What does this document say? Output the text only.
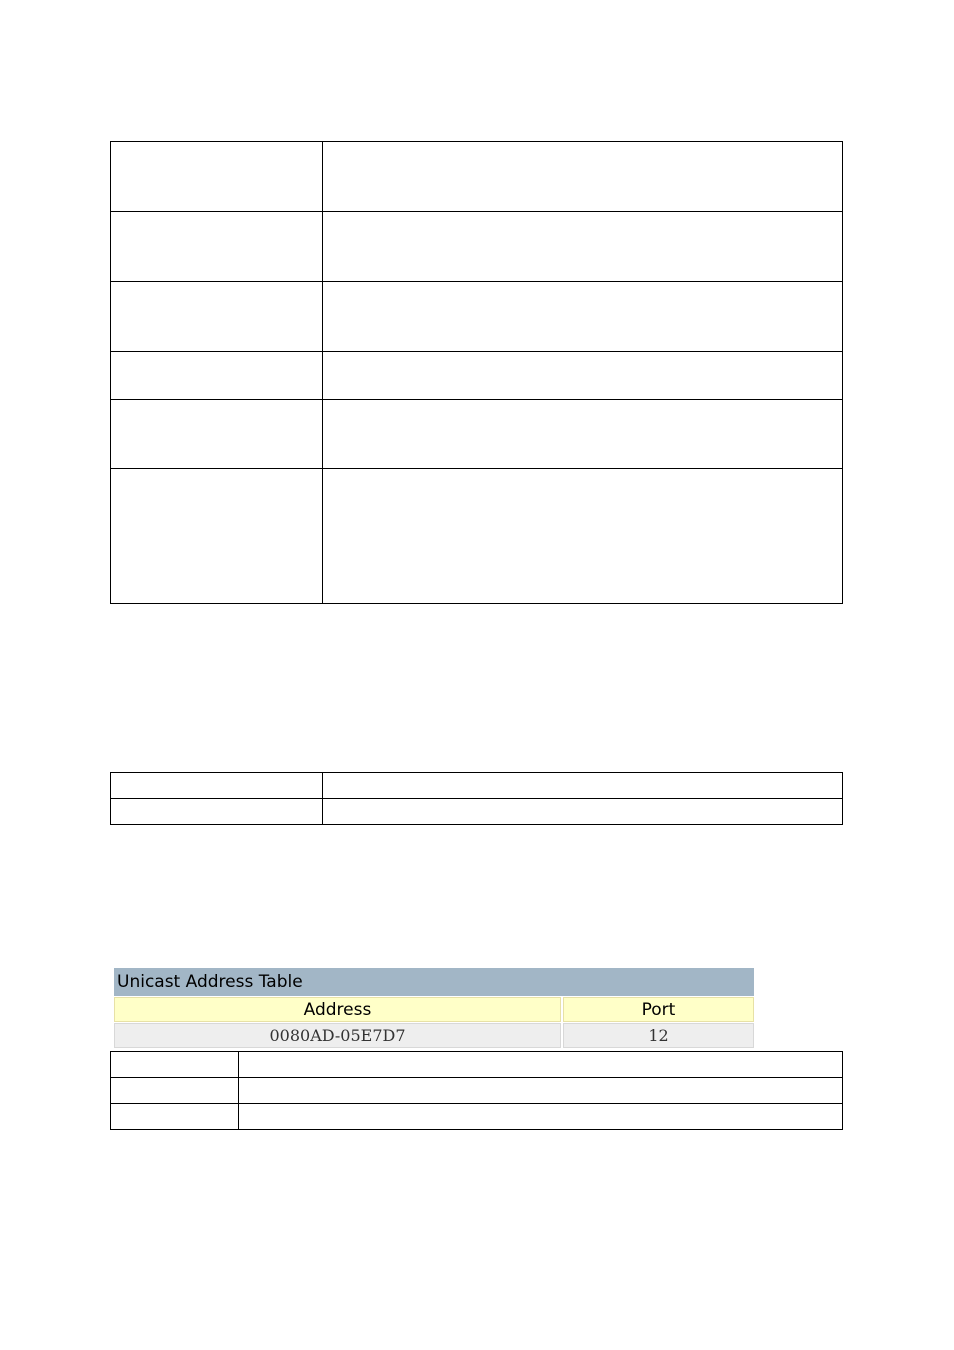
Unicast Address Table	
Address	Port
0080AD-05E7D7	12
